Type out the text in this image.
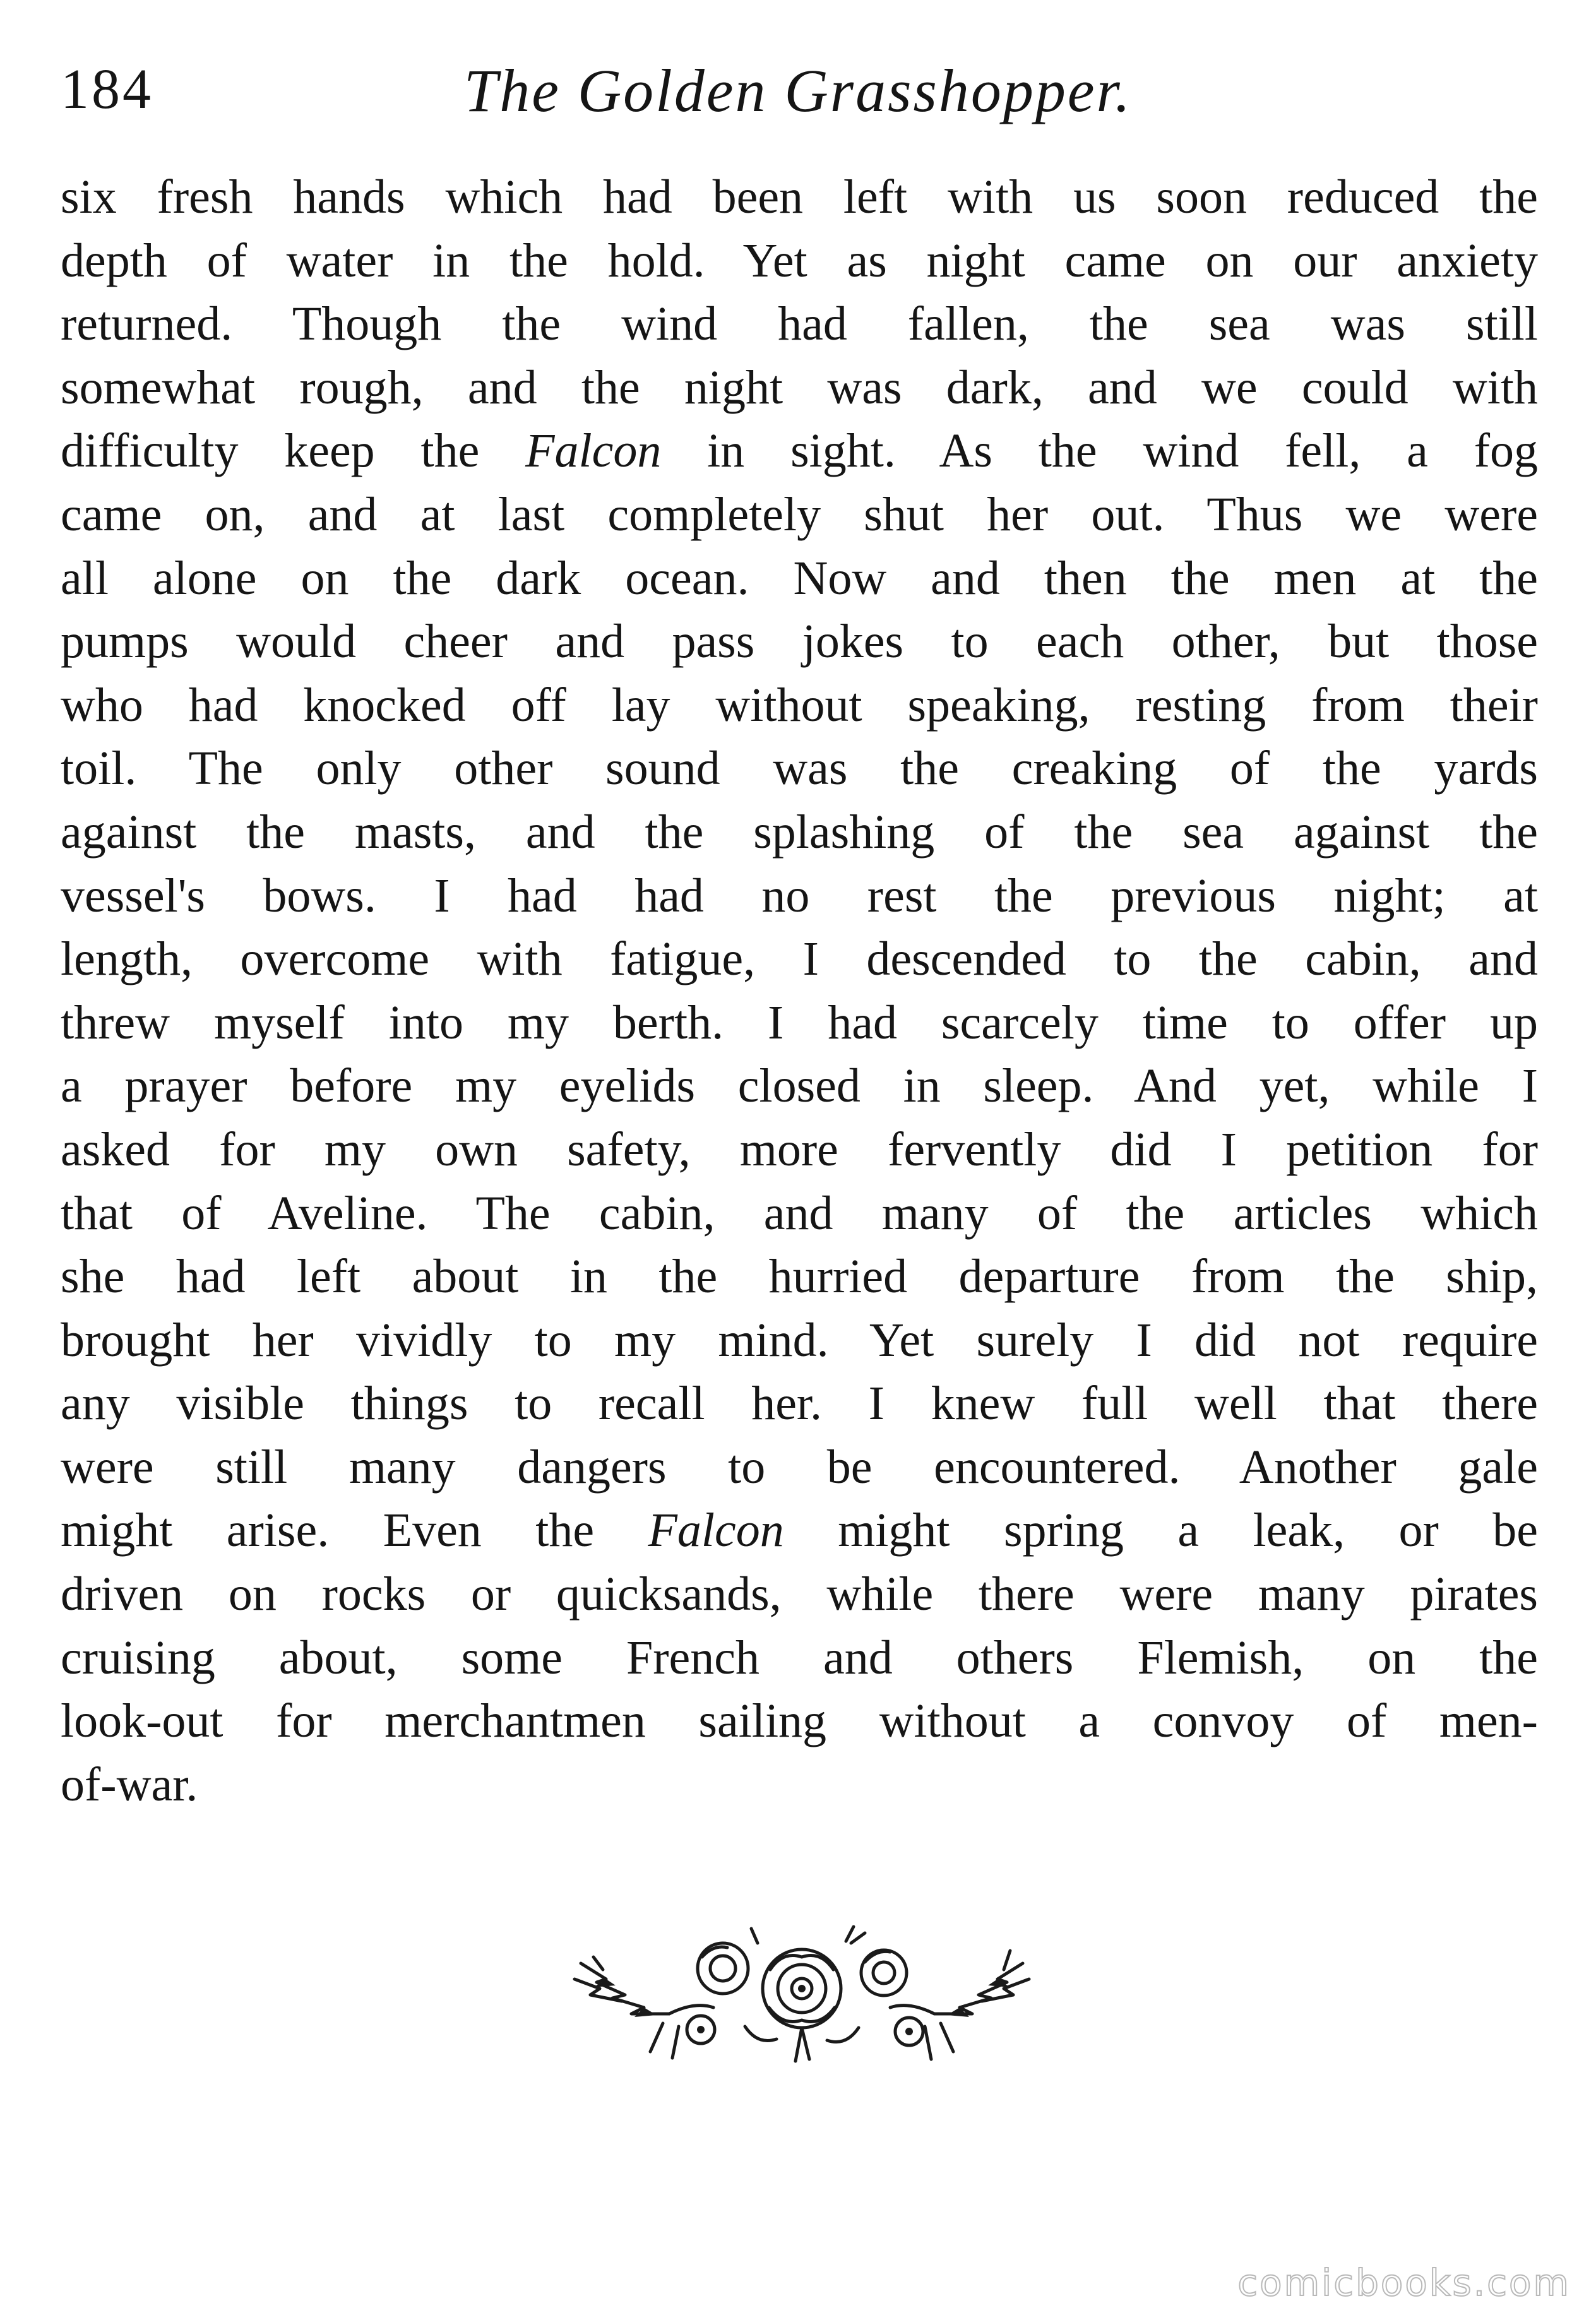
184	The Golden Grasshopper.
six fresh hands which had been left with us soon reduced the
depth of water in the hold. Yet as night came on our anxiety
returned. Though the wind had fallen, the sea was still
somewhat rough, and the night was dark, and we could with
difficulty keep the Falcon in sight. As the wind fell, a fog
came on, and at last completely shut her out. Thus we were
all alone on the dark ocean. Now and then the men at the
pumps would cheer and pass jokes to each other, but those
who had knocked off lay without speaking, resting from their
toil. The only other sound was the creaking of the yards
against the masts, and the splashing of the sea against the
vessel's bows. I had had no rest the previous night; at
length, overcome with fatigue, I descended to the cabin, and
threw myself into my berth. I had scarcely time to offer up
a prayer before my eyelids closed in sleep. And yet, while I
asked for my own safety, more fervently did I petition for
that of Aveline. The cabin, and many of the articles which
she had left about in the hurried departure from the ship,
brought her vividly to my mind. Yet surely I did not require
any visible things to recall her. I knew full well that there
were still many dangers to be encountered. Another gale
might arise. Even the Falcon might spring a leak, or be
driven on rocks or quicksands, while there were many pirates
cruising about, some French and others Flemish, on the
look-out for merchantmen sailing without a convoy of men-
of-war.
comicbooks.com
